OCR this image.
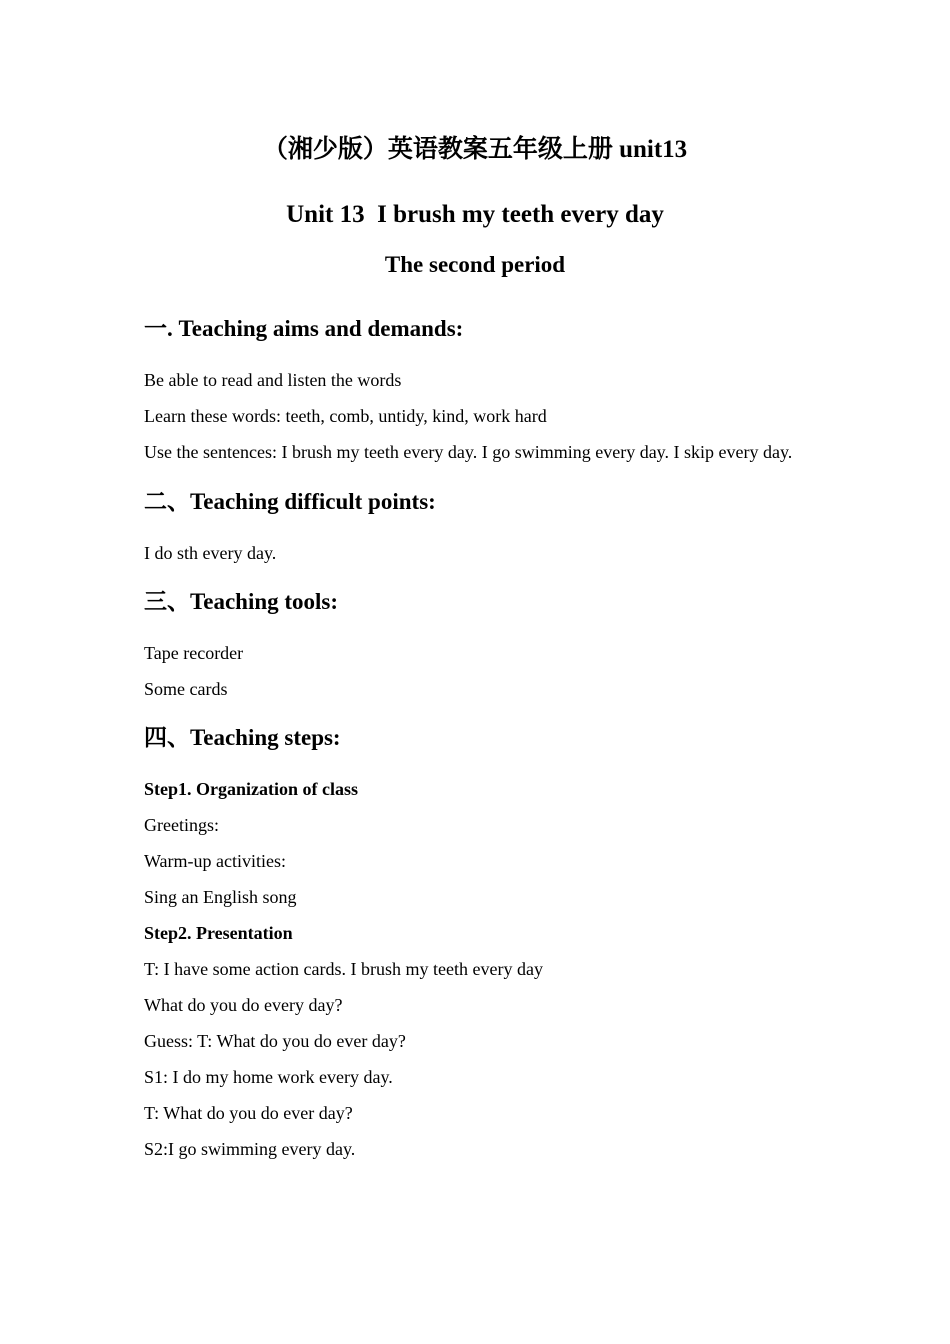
（湘少版）英语教案五年级上册 unit13
Unit 13  I brush my teeth every day
The second period

一. Teaching aims and demands:

Be able to read and listen the words

Learn these words: teeth, comb, untidy, kind, work hard

Use the sentences: I brush my teeth every day. I go swimming every day. I skip every day.

二、Teaching difficult points:

I do sth every day.

三、Teaching tools:

Tape recorder

Some cards

四、Teaching steps:

Step1. Organization of class

Greetings:

Warm-up activities:

Sing an English song

Step2. Presentation

T: I have some action cards. I brush my teeth every day

What do you do every day?

Guess: T: What do you do ever day?

S1: I do my home work every day.

T: What do you do ever day?

S2:I go swimming every day.
